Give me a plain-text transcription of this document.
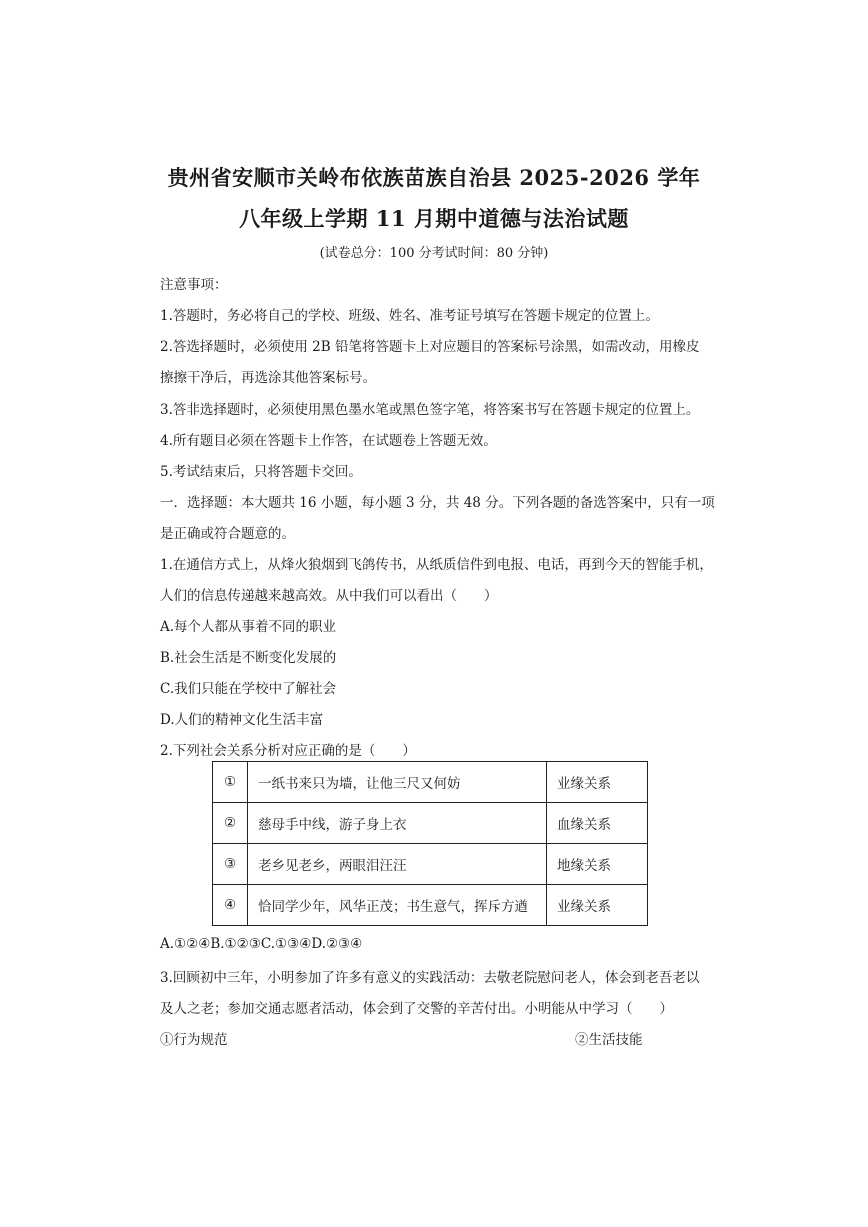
贵州省安顺市关岭布依族苗族自治县 2025-2026 学年
八年级上学期 11 月期中道德与法治试题
(试卷总分：100 分考试时间：80 分钟)
注意事项：
1.答题时，务必将自己的学校、班级、姓名、准考证号填写在答题卡规定的位置上。
2.答选择题时，必须使用 2B 铅笔将答题卡上对应题目的答案标号涂黑，如需改动，用橡皮
擦擦干净后，再选涂其他答案标号。
3.答非选择题时，必须使用黑色墨水笔或黑色签字笔，将答案书写在答题卡规定的位置上。
4.所有题目必须在答题卡上作答，在试题卷上答题无效。
5.考试结束后，只将答题卡交回。
一．选择题：本大题共 16 小题，每小题 3 分，共 48 分。下列各题的备选答案中，只有一项
是正确或符合题意的。
1.在通信方式上，从烽火狼烟到飞鸽传书，从纸质信件到电报、电话，再到今天的智能手机，
人们的信息传递越来越高效。从中我们可以看出（　　）
A.每个人都从事着不同的职业
B.社会生活是不断变化发展的
C.我们只能在学校中了解社会
D.人们的精神文化生活丰富
2.下列社会关系分析对应正确的是（　　）
①	一纸书来只为墙，让他三尺又何妨	业缘关系
②	慈母手中线，游子身上衣	血缘关系
③	老乡见老乡，两眼泪汪汪	地缘关系
④	恰同学少年，风华正茂；书生意气，挥斥方遒	业缘关系
A.①②④B.①②③C.①③④D.②③④
3.回顾初中三年，小明参加了许多有意义的实践活动：去敬老院慰问老人，体会到老吾老以
及人之老；参加交通志愿者活动，体会到了交警的辛苦付出。小明能从中学习（　　）
①行为规范	②生活技能
